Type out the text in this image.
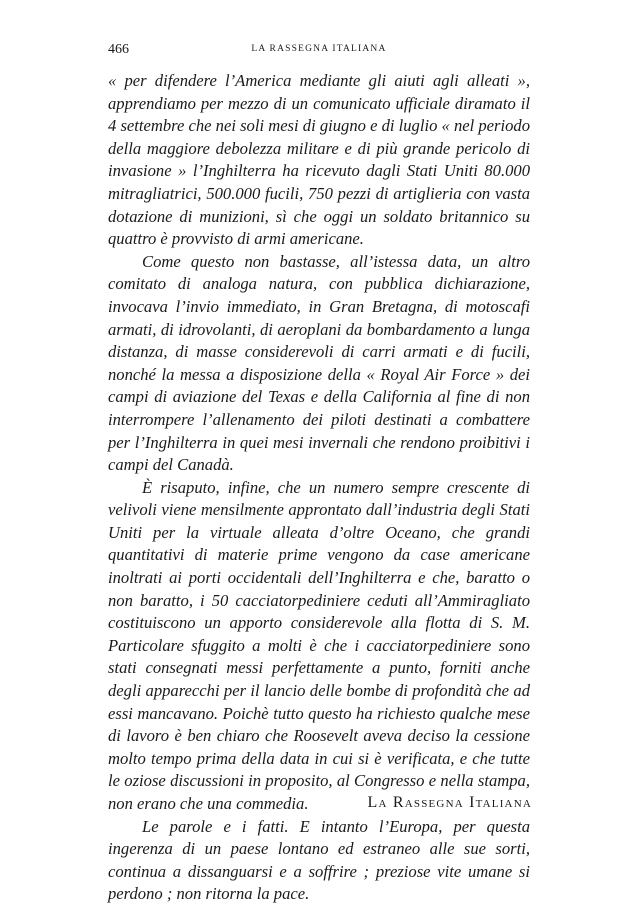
466	LA RASSEGNA ITALIANA

« per difendere l’America mediante gli aiuti agli alleati », apprendiamo per mezzo di un comunicato ufficiale diramato il 4 settembre che nei soli mesi di giugno e di luglio « nel periodo della maggiore debolezza militare e di più grande pericolo di invasione » l’Inghilterra ha ricevuto dagli Stati Uniti 80.000 mitragliatrici, 500.000 fucili, 750 pezzi di artiglieria con vasta dotazione di munizioni, sì che oggi un soldato britannico su quattro è provvisto di armi americane.

Come questo non bastasse, all’istessa data, un altro comitato di analoga natura, con pubblica dichiarazione, invocava l’invio immediato, in Gran Bretagna, di motoscafi armati, di idrovolanti, di aeroplani da bombardamento a lunga distanza, di masse considerevoli di carri armati e di fucili, nonché la messa a disposizione della « Royal Air Force » dei campi di aviazione del Texas e della California al fine di non interrompere l’allenamento dei piloti destinati a combattere per l’Inghilterra in quei mesi invernali che rendono proibitivi i campi del Canadà.

È risaputo, infine, che un numero sempre crescente di velivoli viene mensilmente approntato dall’industria degli Stati Uniti per la virtuale alleata d’oltre Oceano, che grandi quantitativi di materie prime vengono da case americane inoltrati ai porti occidentali dell’Inghilterra e che, baratto o non baratto, i 50 cacciatorpediniere ceduti all’Ammiragliato costituiscono un apporto considerevole alla flotta di S. M. Particolare sfuggito a molti è che i cacciatorpediniere sono stati consegnati messi perfettamente a punto, forniti anche degli apparecchi per il lancio delle bombe di profondità che ad essi mancavano. Poichè tutto questo ha richiesto qualche mese di lavoro è ben chiaro che Roosevelt aveva deciso la cessione molto tempo prima della data in cui si è verificata, e che tutte le oziose discussioni in proposito, al Congresso e nella stampa, non erano che una commedia.

Le parole e i fatti. E intanto l’Europa, per questa ingerenza di un paese lontano ed estraneo alle sue sorti, continua a dissanguarsi e a soffrire ; preziose vite umane si perdono ; non ritorna la pace.

La Rassegna Italiana
